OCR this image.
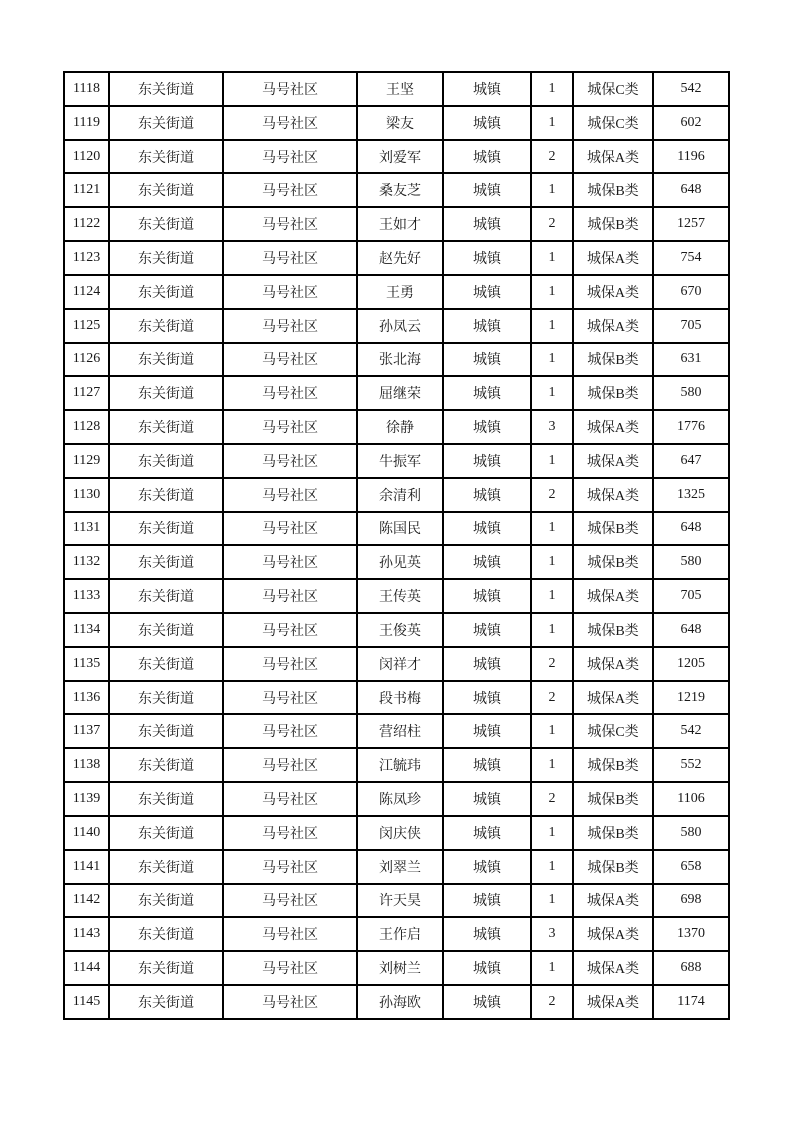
1118	东关街道	马号社区	王坚	城镇	1	城保C类	542
1119	东关街道	马号社区	梁友	城镇	1	城保C类	602
1120	东关街道	马号社区	刘爱军	城镇	2	城保A类	1196
1121	东关街道	马号社区	桑友芝	城镇	1	城保B类	648
1122	东关街道	马号社区	王如才	城镇	2	城保B类	1257
1123	东关街道	马号社区	赵先好	城镇	1	城保A类	754
1124	东关街道	马号社区	王勇	城镇	1	城保A类	670
1125	东关街道	马号社区	孙凤云	城镇	1	城保A类	705
1126	东关街道	马号社区	张北海	城镇	1	城保B类	631
1127	东关街道	马号社区	屈继荣	城镇	1	城保B类	580
1128	东关街道	马号社区	徐静	城镇	3	城保A类	1776
1129	东关街道	马号社区	牛振军	城镇	1	城保A类	647
1130	东关街道	马号社区	余清利	城镇	2	城保A类	1325
1131	东关街道	马号社区	陈国民	城镇	1	城保B类	648
1132	东关街道	马号社区	孙见英	城镇	1	城保B类	580
1133	东关街道	马号社区	王传英	城镇	1	城保A类	705
1134	东关街道	马号社区	王俊英	城镇	1	城保B类	648
1135	东关街道	马号社区	闵祥才	城镇	2	城保A类	1205
1136	东关街道	马号社区	段书梅	城镇	2	城保A类	1219
1137	东关街道	马号社区	营绍柱	城镇	1	城保C类	542
1138	东关街道	马号社区	江毓玮	城镇	1	城保B类	552
1139	东关街道	马号社区	陈凤珍	城镇	2	城保B类	1106
1140	东关街道	马号社区	闵庆侠	城镇	1	城保B类	580
1141	东关街道	马号社区	刘翠兰	城镇	1	城保B类	658
1142	东关街道	马号社区	许天昊	城镇	1	城保A类	698
1143	东关街道	马号社区	王作启	城镇	3	城保A类	1370
1144	东关街道	马号社区	刘树兰	城镇	1	城保A类	688
1145	东关街道	马号社区	孙海欧	城镇	2	城保A类	1174
